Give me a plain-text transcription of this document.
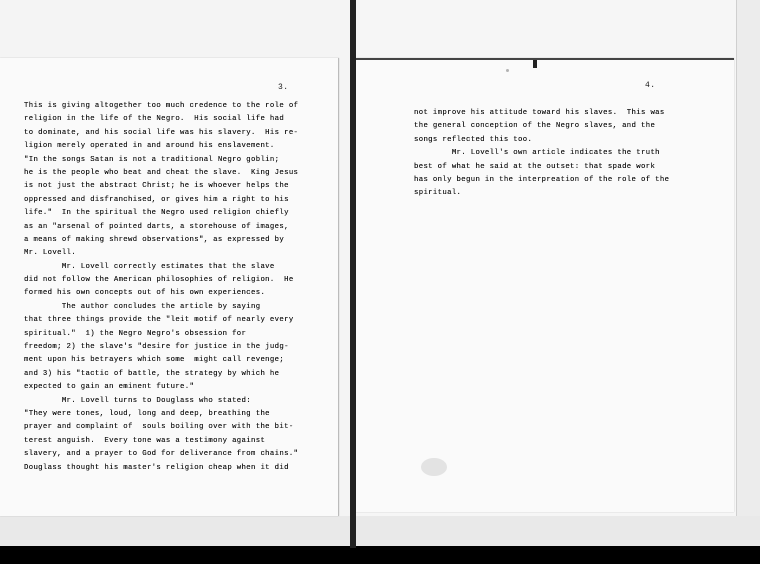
3.
This is giving altogether too much credence to the role of
religion in the life of the Negro.  His social life had
to dominate, and his social life was his slavery.  His re-
ligion merely operated in and around his enslavement.
"In the songs Satan is not a traditional Negro goblin;
he is the people who beat and cheat the slave.  King Jesus
is not just the abstract Christ; he is whoever helps the
oppressed and disfranchised, or gives him a right to his
life."  In the spiritual the Negro used religion chiefly
as an "arsenal of pointed darts, a storehouse of images,
a means of making shrewd observations", as expressed by
Mr. Lovell.
Mr. Lovell correctly estimates that the slave
did not follow the American philosophies of religion.  He
formed his own concepts out of his own experiences.
The author concludes the article by saying
that three things provide the "leit motif of nearly every
spiritual."  1) the Negro Negro's obsession for
freedom; 2) the slave's "desire for justice in the judg-
ment upon his betrayers which some  might call revenge;
and 3) his "tactic of battle, the strategy by which he
expected to gain an eminent future."
Mr. Lovell turns to Douglass who stated:
"They were tones, loud, long and deep, breathing the
prayer and complaint of  souls boiling over with the bit-
terest anguish.  Every tone was a testimony against
slavery, and a prayer to God for deliverance from chains."
Douglass thought his master's religion cheap when it did
4.
not improve his attitude toward his slaves.  This was
the general conception of the Negro slaves, and the
songs reflected this too.
Mr. Lovell's own article indicates the truth
best of what he said at the outset: that spade work
has only begun in the interpreation of the role of the
spiritual.
